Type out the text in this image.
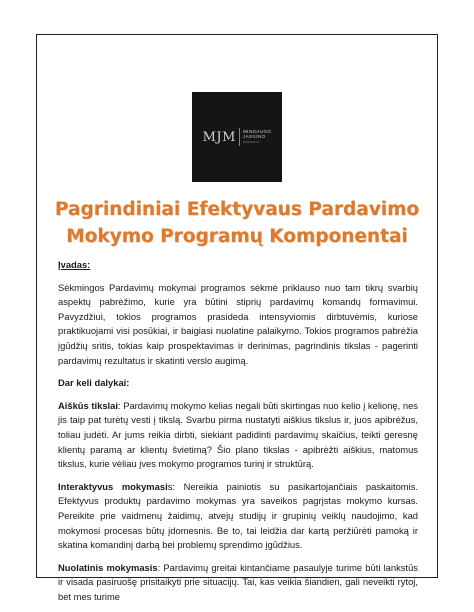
MJM MINDAUGO
JASIŪNO
KONSULT
Pagrindiniai Efektyvaus Pardavimo
Mokymo Programų Komponentai

Įvadas:

Sėkmingos Pardavimų mokymai programos sėkmė priklauso nuo tam tikrų svarbių aspektų pabrėžimo, kurie yra būtini stiprių pardavimų komandų formavimui. Pavyzdžiui, tokios programos prasideda intensyviomis dirbtuvėmis, kuriose praktikuojami visi posūkiai, ir baigiasi nuolatine palaikymo. Tokios programos pabrėžia įgūdžių sritis, tokias kaip prospektavimas ir derinimas, pagrindinis tikslas - pagerinti pardavimų rezultatus ir skatinti verslo augimą.

Dar keli dalykai:

Aiškūs tikslai: Pardavimų mokymo kelias negali būti skirtingas nuo kelio į kelionę, nes jis taip pat turėtų vesti į tikslą. Svarbu pirma nustatyti aiškius tikslus ir, juos apibrėžus, toliau judėti. Ar jums reikia dirbti, siekiant padidinti pardavimų skaičius, teikti geresnę klientų paramą ar klientų švietimą? Šio plano tikslas - apibrėžti aiškius, matomus tikslus, kurie vėliau įves mokymo programos turinį ir struktūrą.

Interaktyvus mokymasis: Nereikia painiotis su pasikartojančiais paskaitomis. Efektyvus produktų pardavimo mokymas yra saveikos pagrįstas mokymo kursas. Pereikite prie vaidmenų žaidimų, atvejų studijų ir grupinių veiklų naudojimo, kad mokymosi procesas būtų įdomesnis. Be to, tai leidžia dar kartą peržiūrėti pamoką ir skatina komandinį darbą bei problemų sprendimo įgūdžius.

Nuolatinis mokymasis: Pardavimų greitai kintančiame pasaulyje turime būti lankstūs ir visada pasiruošę prisitaikyti prie situacijų. Tai, kas veikia šiandien, gali neveikti rytoj, bet mes turime
